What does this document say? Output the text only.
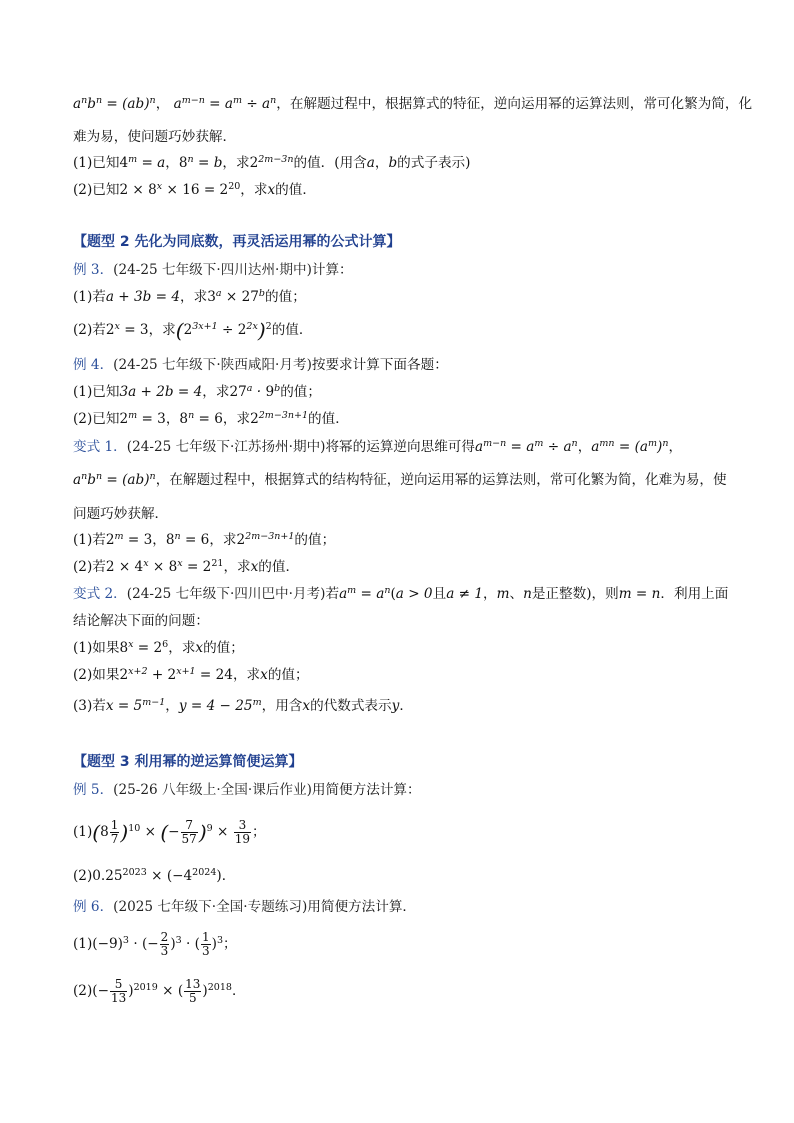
$a^nb^n = (ab)^n$， $a^{m-n} = a^m \div a^n$，在解题过程中，根据算式的特征，逆向运用幂的运算法则，常可化繁为简，化
难为易，使问题巧妙获解．
(1)已知$4^m = a$，$8^n = b$，求$2^{2m-3n}$的值．(用含a，b的式子表示)
(2)已知$2 \times 8^x \times 16 = 2^{20}$，求x的值．
【题型 2 先化为同底数，再灵活运用幂的公式计算】
例 3．(24-25 七年级下·四川达州·期中)计算：
(1)若a + 3b = 4，求$3^a \times 27^b$的值；
(2)若$2^x = 3$，求$(2^{3x+1} \div 2^{2x})^2$的值．
例 4．(24-25 七年级下·陕西咸阳·月考)按要求计算下面各题：
(1)已知3a + 2b = 4，求$27^a \cdot 9^b$的值；
(2)已知$2^m = 3$，$8^n = 6$，求$2^{2m-3n+1}$的值．
变式 1．(24-25 七年级下·江苏扬州·期中)将幂的运算逆向思维可得$a^{m-n} = a^m \div a^n$，$a^{mn} = (a^m)^n$，
$a^nb^n = (ab)^n$，在解题过程中，根据算式的结构特征，逆向运用幂的运算法则，常可化繁为简，化难为易，使
问题巧妙获解．
(1)若$2^m = 3$，$8^n = 6$，求$2^{2m-3n+1}$的值；
(2)若$2 \times 4^x \times 8^x = 2^{21}$，求x的值．
变式 2．(24-25 七年级下·四川巴中·月考)若$a^m = a^n(a > 0$且a ≠ 1，m、n是正整数)，则m = n．利用上面
结论解决下面的问题：
(1)如果$8^x = 2^6$，求x的值；
(2)如果$2^{x+2} + 2^{x+1} = 24$，求x的值；
(3)若$x = 5^{m-1}$，$y = 4 - 25^m$，用含x的代数式表示y．
【题型 3 利用幂的逆运算简便运算】
例 5．(25-26 八年级上·全国·课后作业)用简便方法计算：
$(1)(8 \frac{1}{7} )^{10}$ × (− $\frac{7}{57} )^9 \times \frac{3}{19}$ ；
$(2)0.25^{2023} \times (-4^{2024})$．
例 6．(2025 七年级下·全国·专题练习)用简便方法计算．
$(1)(-9)^3$ · (− $\frac{2}{3} )^3$ · ( $\frac{1}{3} )^3$；
$(2)(- \frac{5}{13} )^{2019}$ × ( $\frac{13}{5} )^{2018}$．
